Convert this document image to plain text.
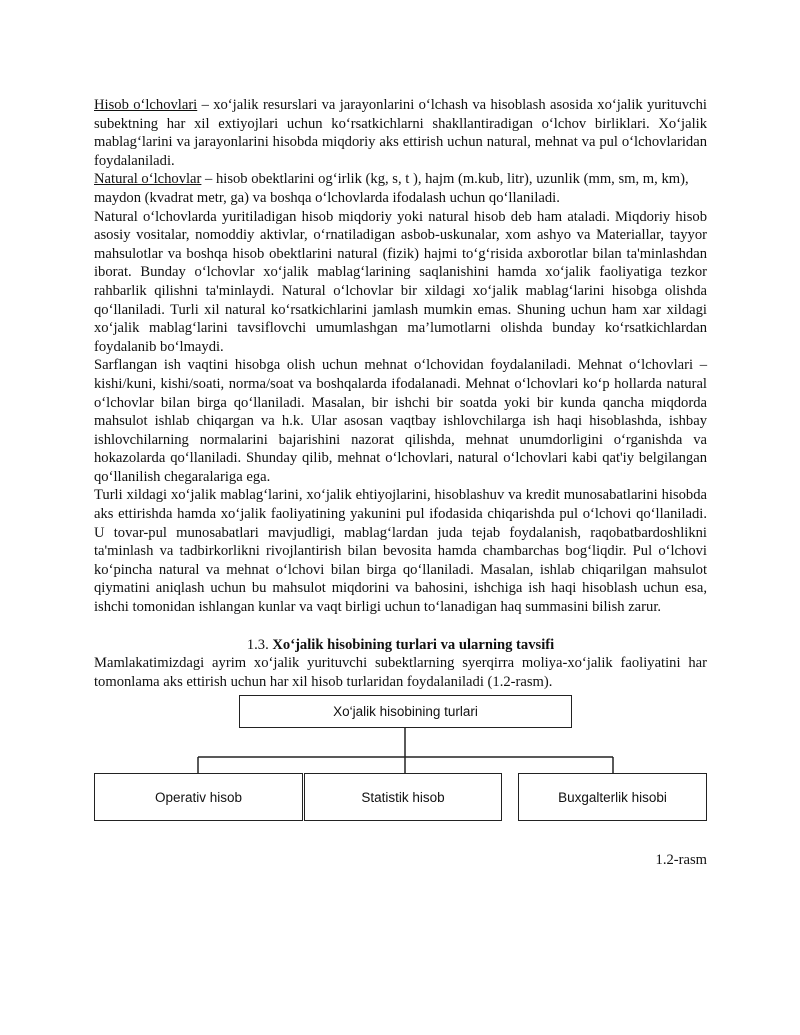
Hisob o‘lchovlari – xo‘jalik resurslari va jarayonlarini o‘lchash va hisoblash asosida xo‘jalik yurituvchi subektning har xil extiyojlari uchun ko‘rsatkichlarni shakllantiradigan o‘lchov birliklari. Xo‘jalik mablag‘larini va jarayonlarini hisobda miqdoriy aks ettirish uchun natural, mehnat va pul o‘lchovlaridan foydalaniladi.

Natural o‘lchovlar – hisob obektlarini og‘irlik (kg, s, t ), hajm (m.kub, litr), uzunlik (mm, sm, m, km), maydon (kvadrat metr, ga) va boshqa o‘lchovlarda ifodalash uchun qo‘llaniladi.

Natural o‘lchovlarda yuritiladigan hisob miqdoriy yoki natural hisob deb ham ataladi. Miqdoriy hisob asosiy vositalar, nomoddiy aktivlar, o‘rnatiladigan asbob-uskunalar, xom ashyo va Materiallar, tayyor mahsulotlar va boshqa hisob obektlarini natural (fizik) hajmi to‘g‘risida axborotlar bilan ta'minlashdan iborat. Bunday o‘lchovlar xo‘jalik mablag‘larining saqlanishini hamda xo‘jalik faoliyatiga tezkor rahbarlik qilishni ta'minlaydi. Natural o‘lchovlar bir xildagi xo‘jalik mablag‘larini hisobga olishda qo‘llaniladi. Turli xil natural ko‘rsatkichlarini jamlash mumkin emas. Shuning uchun ham xar xildagi xo‘jalik mablag‘larini tavsiflovchi umumlashgan ma’lumotlarni olishda bunday ko‘rsatkichlardan foydalanib bo‘lmaydi.

Sarflangan ish vaqtini hisobga olish uchun mehnat o‘lchovidan foydalaniladi. Mehnat o‘lchovlari – kishi/kuni, kishi/soati, norma/soat va boshqalarda ifodalanadi. Mehnat o‘lchovlari ko‘p hollarda natural o‘lchovlar bilan birga qo‘llaniladi. Masalan, bir ishchi bir soatda yoki bir kunda qancha miqdorda mahsulot ishlab chiqargan va h.k. Ular asosan vaqtbay ishlovchilarga ish haqi hisoblashda, ishbay ishlovchilarning normalarini bajarishini nazorat qilishda, mehnat unumdorligini o‘rganishda va hokazolarda qo‘llaniladi. Shunday qilib, mehnat o‘lchovlari, natural o‘lchovlari kabi qat'iy belgilangan qo‘llanilish chegaralariga ega.

Turli xildagi xo‘jalik mablag‘larini, xo‘jalik ehtiyojlarini, hisoblashuv va kredit munosabatlarini hisobda aks ettirishda hamda xo‘jalik faoliyatining yakunini pul ifodasida chiqarishda pul o‘lchovi qo‘llaniladi. U tovar-pul munosabatlari mavjudligi, mablag‘lardan juda tejab foydalanish, raqobatbardoshlikni ta'minlash va tadbirkorlikni rivojlantirish bilan bevosita hamda chambarchas bog‘liqdir. Pul o‘lchovi ko‘pincha natural va mehnat o‘lchovi bilan birga qo‘llaniladi. Masalan, ishlab chiqarilgan mahsulot qiymatini aniqlash uchun bu mahsulot miqdorini va bahosini, ishchiga ish haqi hisoblash uchun esa, ishchi tomonidan ishlangan kunlar va vaqt birligi uchun to‘lanadigan haq summasini bilish zarur.

1.3. Xo‘jalik hisobining turlari va ularning tavsifi

Mamlakatimizdagi ayrim xo‘jalik yurituvchi subektlarning syerqirra moliya-xo‘jalik faoliyatini har tomonlama aks ettirish uchun har xil hisob turlaridan foydalaniladi (1.2-rasm).

Xo‘jalik hisobining turlari
Operativ hisob	Statistik hisob	Buxgalterlik hisobi
1.2-rasm
